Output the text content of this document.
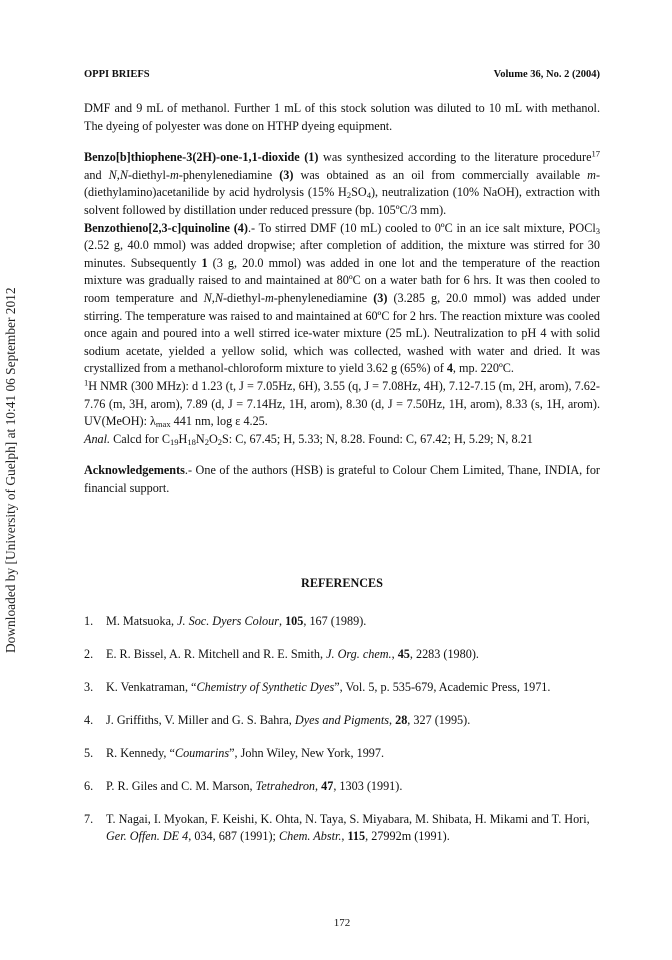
Downloaded by [University of Guelph] at 10:41 06 September 2012
OPPI BRIEFS	Volume 36, No. 2 (2004)

DMF and 9 mL of methanol. Further 1 mL of this stock solution was diluted to 10 mL with methanol. The dyeing of polyester was done on HTHP dyeing equipment.

Benzo[b]thiophene-3(2H)-one-1,1-dioxide (1) was synthesized according to the literature procedure$^{17}$ and N,N-diethyl-m-phenylenediamine (3) was obtained as an oil from commercially available m-(diethylamino)acetanilide by acid hydrolysis (15% $H_2SO_4$), neutralization (10% NaOH), extraction with solvent followed by distillation under reduced pressure (bp. 105ºC/3 mm).

Benzothieno[2,3-c]quinoline (4).- To stirred DMF (10 mL) cooled to 0ºC in an ice salt mixture, POCl$_3$ (2.52 g, 40.0 mmol) was added dropwise; after completion of addition, the mixture was stirred for 30 minutes. Subsequently 1 (3 g, 20.0 mmol) was added in one lot and the temperature of the reaction mixture was gradually raised to and maintained at 80ºC on a water bath for 6 hrs. It was then cooled to room temperature and N,N-diethyl-m-phenylenediamine (3) (3.285 g, 20.0 mmol) was added under stirring. The temperature was raised to and maintained at 60ºC for 2 hrs. The reaction mixture was cooled once again and poured into a well stirred ice-water mixture (25 mL). Neutralization to pH 4 with solid sodium acetate, yielded a yellow solid, which was collected, washed with water and dried. It was crystallized from a methanol-chloroform mixture to yield 3.62 g (65%) of 4, mp. 220ºC.

$^1$H NMR (300 MHz): d 1.23 (t, J = 7.05Hz, 6H), 3.55 (q, J = 7.08Hz, 4H), 7.12-7.15 (m, 2H, arom), 7.62-7.76 (m, 3H, arom), 7.89 (d, J = 7.14Hz, 1H, arom), 8.30 (d, J = 7.50Hz, 1H, arom), 8.33 (s, 1H, arom). UV(MeOH): $\lambda_{max}$ 441 nm, log ε 4.25.

Anal. Calcd for $C_{19}H_{18}N_2O_2S$: C, 67.45; H, 5.33; N, 8.28. Found: C, 67.42; H, 5.29; N, 8.21

Acknowledgements.- One of the authors (HSB) is grateful to Colour Chem Limited, Thane, INDIA, for financial support.

REFERENCES
1.	M. Matsuoka, J. Soc. Dyers Colour, 105, 167 (1989).
2.	E. R. Bissel, A. R. Mitchell and R. E. Smith, J. Org. chem., 45, 2283 (1980).
3.	K. Venkatraman, “Chemistry of Synthetic Dyes”, Vol. 5, p. 535-679, Academic Press, 1971.
4.	J. Griffiths, V. Miller and G. S. Bahra, Dyes and Pigments, 28, 327 (1995).
5.	R. Kennedy, “Coumarins”, John Wiley, New York, 1997.
6.	P. R. Giles and C. M. Marson, Tetrahedron, 47, 1303 (1991).
7.	T. Nagai, I. Myokan, F. Keishi, K. Ohta, N. Taya, S. Miyabara, M. Shibata, H. Mikami and T. Hori, Ger. Offen. DE 4, 034, 687 (1991); Chem. Abstr., 115, 27992m (1991).
172
